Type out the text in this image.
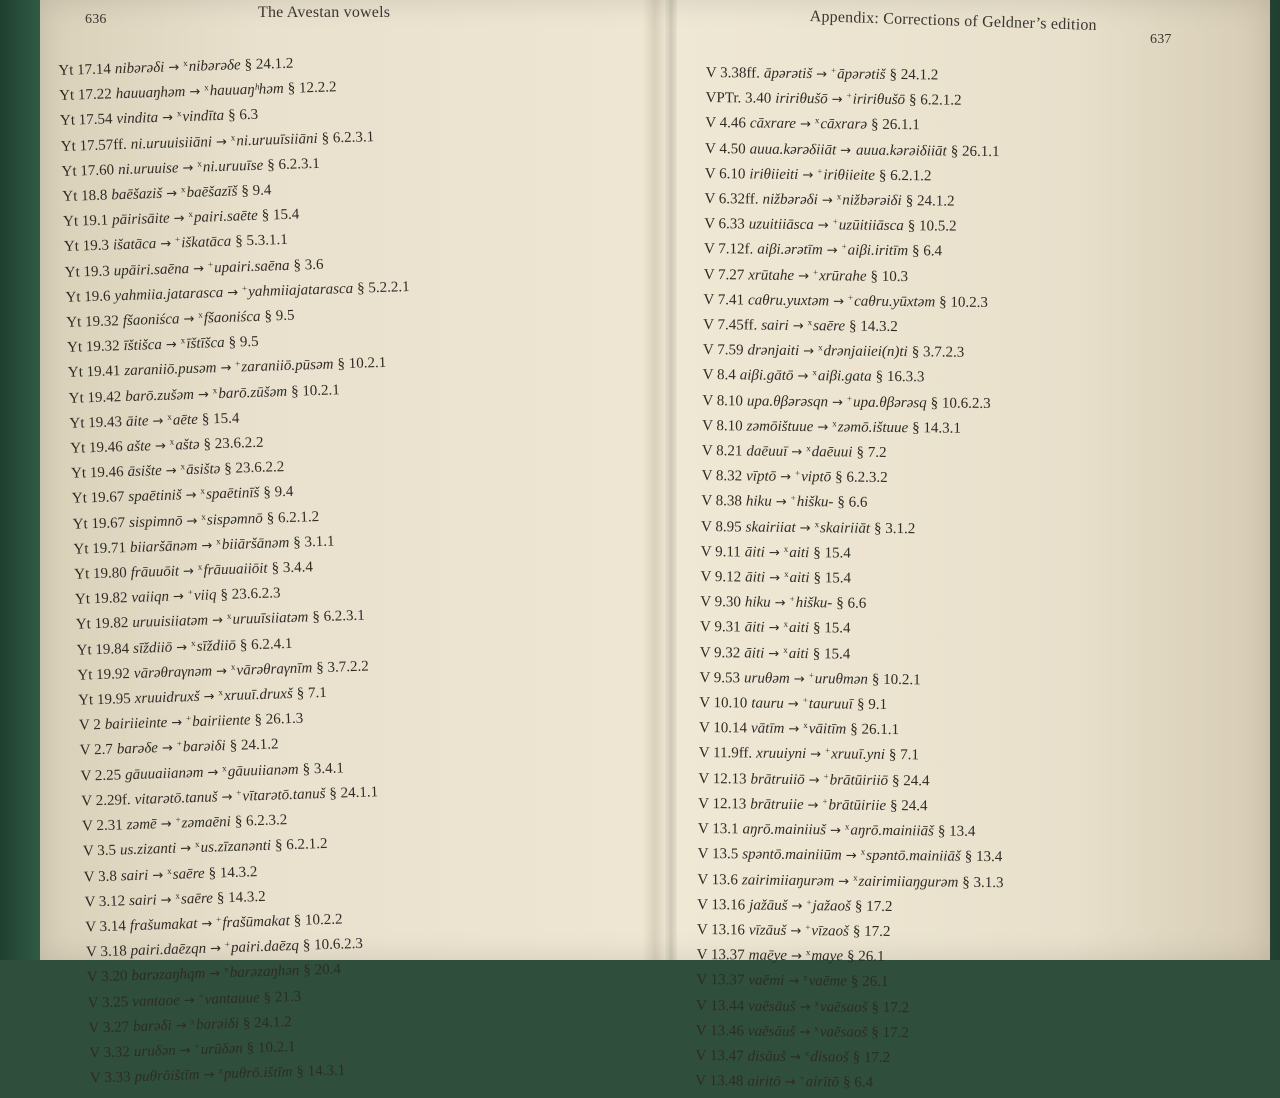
636	The Avestan vowels	Appendix: Corrections of Geldner’s edition
637
Yt 17.14 nibərəδi → $^x$nibərəδe § 24.1.2
Yt 17.22 hauuaŋhəm → $^x$hauuaŋʰhəm § 12.2.2
Yt 17.54 vindita → $^x$vindīta § 6.3
Yt 17.57ff. ni.uruuisiiāni → $^x$ni.uruuīsiiāni § 6.2.3.1
Yt 17.60 ni.uruuise → $^x$ni.uruuīse § 6.2.3.1
Yt 18.8 baēšaziš → $^x$baēšazīš § 9.4
Yt 19.1 pāirisāite → $^x$pairi.saēte § 15.4
Yt 19.3 išatāca → +iškatāca § 5.3.1.1
Yt 19.3 upāiri.saēna → +upairi.saēna § 3.6
Yt 19.6 yahmiia.jatarasca → +yahmiiajatarasca § 5.2.2.1
Yt 19.32 fšaoniśca → $^x$fšaoniśca § 9.5
Yt 19.32 īštišca → $^x$īštīšca § 9.5
Yt 19.41 zaraniiō.pusəm → +zaraniiō.pūsəm § 10.2.1
Yt 19.42 barō.zušəm → $^x$barō.zūšəm § 10.2.1
Yt 19.43 āite → $^x$aēte § 15.4
Yt 19.46 ašte → $^x$aštə § 23.6.2.2
Yt 19.46 āsište → $^x$āsištə § 23.6.2.2
Yt 19.67 spaētiniš → $^x$spaētinīš § 9.4
Yt 19.67 sispimnō → $^x$sispəmnō § 6.2.1.2
Yt 19.71 biiaršānəm → $^x$biiāršānəm § 3.1.1
Yt 19.80 frāuuōit → $^x$frāuuaiiōit § 3.4.4
Yt 19.82 vaiiqn → +viiq § 23.6.2.3
Yt 19.82 uruuisiiatəm → $^x$uruuīsiiatəm § 6.2.3.1
Yt 19.84 sīždiiō → $^x$sīždiiō § 6.2.4.1
Yt 19.92 vārəθraγnəm → $^x$vārəθraγnīm § 3.7.2.2
Yt 19.95 xruuidruxš → $^x$xruuī.druxš § 7.1
V 2 bairiieinte → +bairiiente § 26.1.3
V 2.7 barəδe → +barəiδi § 24.1.2
V 2.25 gāuuaiianəm → $^x$gāuuiianəm § 3.4.1
V 2.29f. vitarətō.tanuš → +vītarətō.tanuš § 24.1.1
V 2.31 zəmē → +zəmaēni § 6.2.3.2
V 3.5 us.zizanti → $^x$us.zīzanənti § 6.2.1.2
V 3.8 sairi → $^x$saēre § 14.3.2
V 3.12 sairi → $^x$saēre § 14.3.2
V 3.14 frašumakat → +frašūmakat § 10.2.2
V 3.18 pairi.daēzqn → +pairi.daēzq § 10.6.2.3
V 3.20 barəzaŋhqm → $^x$barəzaŋhən § 20.4
V 3.25 vantaoe → +vantauue § 21.3
V 3.27 barəδi → $^x$barəiδi § 24.1.2
V 3.32 uruδən → +urūδən § 10.2.1
V 3.33 puθrōištīm → $^x$puθrō.ištīm § 14.3.1
V 3.38ff. āpərətiš → +āpərətiš § 24.1.2
VPTr. 3.40 iririθušō → +iririθušō § 6.2.1.2
V 4.46 cāxrare → $^x$cāxrarə § 26.1.1
V 4.50 auua.kərəδiiāt → auua.kərəiδiiāt § 26.1.1
V 6.10 iriθiieiti → +iriθiieite § 6.2.1.2
V 6.32ff. nižbərəδi → $^x$nižbərəiδi § 24.1.2
V 6.33 uzuitiiāsca → +uzūitiiāsca § 10.5.2
V 7.12f. aiβi.ərətīm → +aiβi.iritīm § 6.4
V 7.27 xrūtahe → +xrūrahe § 10.3
V 7.41 caθru.yuxtəm → +caθru.yūxtəm § 10.2.3
V 7.45ff. sairi → $^x$saēre § 14.3.2
V 7.59 drənjaiti → $^x$drənjaiiei(n)ti § 3.7.2.3
V 8.4 aiβi.gātō → $^x$aiβi.gata § 16.3.3
V 8.10 upa.θβərəsqn → +upa.θβərəsq § 10.6.2.3
V 8.10 zəmōištuue → $^x$zəmō.ištuue § 14.3.1
V 8.21 daēuuī → $^x$daēuui § 7.2
V 8.32 vīptō → +viptō § 6.2.3.2
V 8.38 hiku → +hišku- § 6.6
V 8.95 skairiiat → $^x$skairiiāt § 3.1.2
V 9.11 āiti → $^x$aiti § 15.4
V 9.12 āiti → $^x$aiti § 15.4
V 9.30 hiku → +hišku- § 6.6
V 9.31 āiti → $^x$aiti § 15.4
V 9.32 āiti → $^x$aiti § 15.4
V 9.53 uruθəm → +uruθmən § 10.2.1
V 10.10 tauru → +tauruuī § 9.1
V 10.14 vātīm → $^x$vāitīm § 26.1.1
V 11.9ff. xruuiyni → +xruuī.yni § 7.1
V 12.13 brātruiiō → +brātūiriiō § 24.4
V 12.13 brātruiie → +brātūiriie § 24.4
V 13.1 aŋrō.mainiiuš → $^x$aŋrō.mainiiāš § 13.4
V 13.5 spəntō.mainiiūm → $^x$spəntō.mainiiāš § 13.4
V 13.6 zairimiiaŋurəm → $^x$zairimiiaŋgurəm § 3.1.3
V 13.16 jažāuš → +jažaoš § 17.2
V 13.16 vīzāuš → +vīzaoš § 17.2
V 13.37 maēye → $^x$maye § 26.1
V 13.37 vaēmi → $^x$vaēme § 26.1
V 13.44 vaēsāuš → $^x$vaēsaoš § 17.2
V 13.46 vaēsāuš → $^x$vaēsaoš § 17.2
V 13.47 disāuš → $^x$disaoš § 17.2
V 13.48 airitō → +airītō § 6.4
